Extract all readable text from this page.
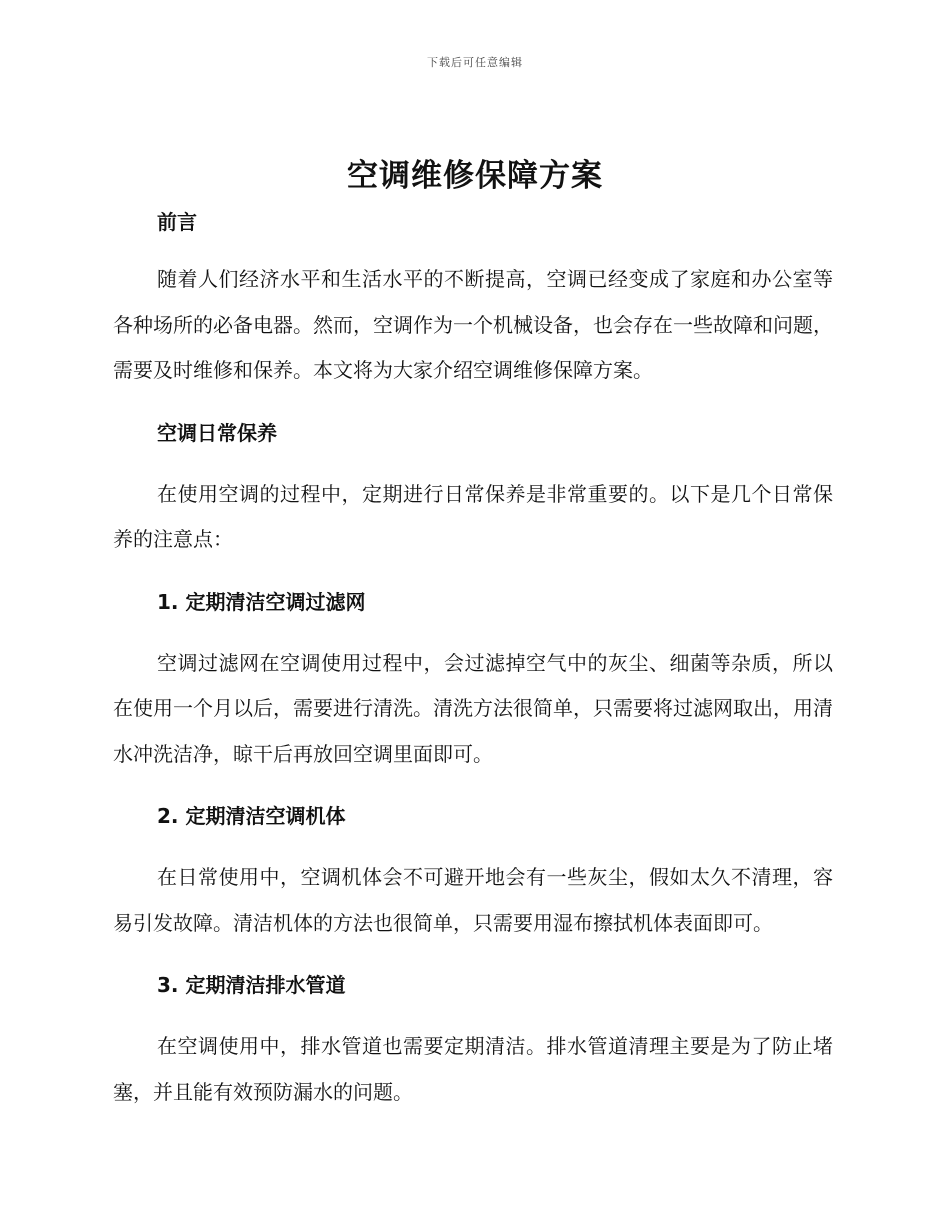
下载后可任意编辑
空调维修保障方案
前言

随着人们经济水平和生活水平的不断提高，空调已经变成了家庭和办公室等各种场所的必备电器。然而，空调作为一个机械设备，也会存在一些故障和问题，需要及时维修和保养。本文将为大家介绍空调维修保障方案。

空调日常保养

在使用空调的过程中，定期进行日常保养是非常重要的。以下是几个日常保养的注意点：

1. 定期清洁空调过滤网

空调过滤网在空调使用过程中，会过滤掉空气中的灰尘、细菌等杂质，所以在使用一个月以后，需要进行清洗。清洗方法很简单，只需要将过滤网取出，用清水冲洗洁净，晾干后再放回空调里面即可。

2. 定期清洁空调机体

在日常使用中，空调机体会不可避开地会有一些灰尘，假如太久不清理，容易引发故障。清洁机体的方法也很简单，只需要用湿布擦拭机体表面即可。

3. 定期清洁排水管道

在空调使用中，排水管道也需要定期清洁。排水管道清理主要是为了防止堵塞，并且能有效预防漏水的问题。
